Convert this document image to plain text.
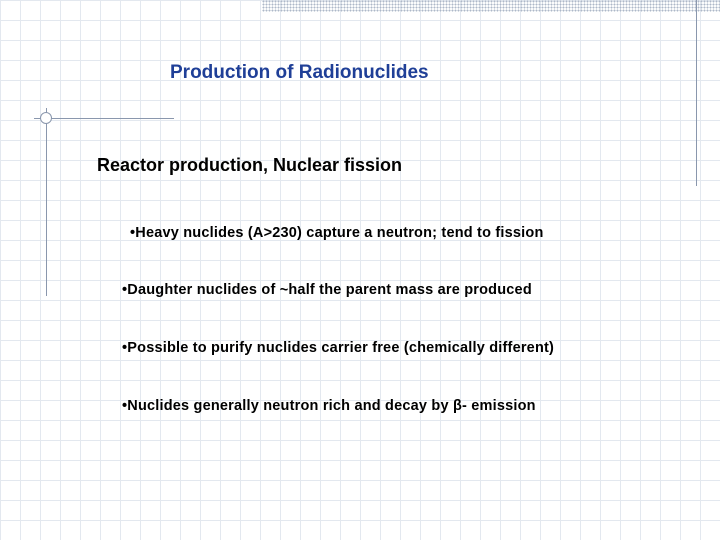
Production of Radionuclides
Reactor production, Nuclear fission
•Heavy nuclides (A>230) capture a neutron; tend to fission
•Daughter nuclides of ~half the parent mass are produced
•Possible to purify nuclides carrier free (chemically different)
•Nuclides generally neutron rich and decay by β- emission
